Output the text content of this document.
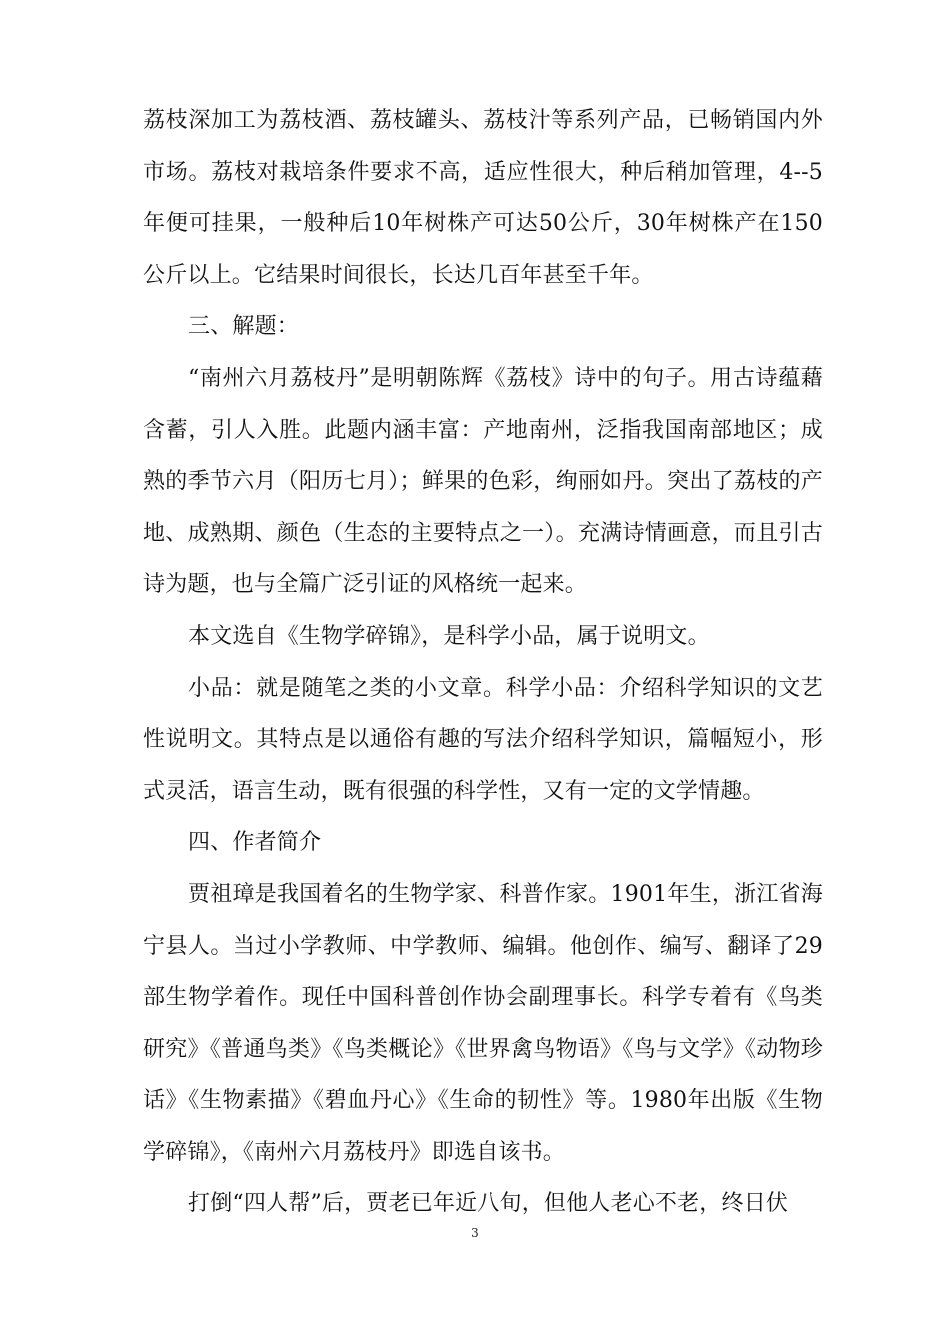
荔枝深加工为荔枝酒、荔枝罐头、荔枝汁等系列产品，已畅销国内外市场。荔枝对栽培条件要求不高，适应性很大，种后稍加管理，4--5年便可挂果，一般种后10年树株产可达50公斤，30年树株产在150公斤以上。它结果时间很长，长达几百年甚至千年。

三、解题：

“南州六月荔枝丹”是明朝陈辉《荔枝》诗中的句子。用古诗蕴藉含蓄，引人入胜。此题内涵丰富：产地南州，泛指我国南部地区；成熟的季节六月（阳历七月）；鲜果的色彩，绚丽如丹。突出了荔枝的产地、成熟期、颜色（生态的主要特点之一）。充满诗情画意，而且引古诗为题，也与全篇广泛引证的风格统一起来。

本文选自《生物学碎锦》，是科学小品，属于说明文。

小品：就是随笔之类的小文章。科学小品：介绍科学知识的文艺性说明文。其特点是以通俗有趣的写法介绍科学知识，篇幅短小，形式灵活，语言生动，既有很强的科学性，又有一定的文学情趣。

四、作者简介

贾祖璋是我国着名的生物学家、科普作家。1901年生，浙江省海宁县人。当过小学教师、中学教师、编辑。他创作、编写、翻译了29部生物学着作。现任中国科普创作协会副理事长。科学专着有《鸟类研究》《普通鸟类》《鸟类概论》《世界禽鸟物语》《鸟与文学》《动物珍话》《生物素描》《碧血丹心》《生命的韧性》等。1980年出版《生物学碎锦》，《南州六月荔枝丹》即选自该书。

打倒“四人帮”后，贾老已年近八旬，但他人老心不老，终日伏

3
